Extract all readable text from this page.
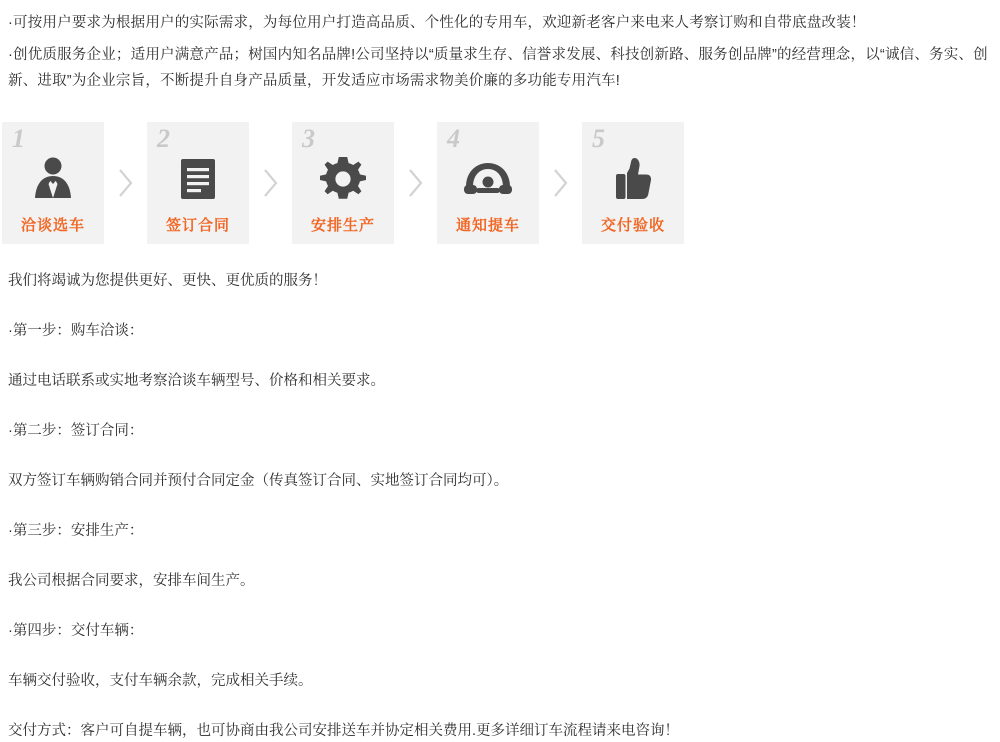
·可按用户要求为根据用户的实际需求，为每位用户打造高品质、个性化的专用车，欢迎新老客户来电来人考察订购和自带底盘改装！

·创优质服务企业；适用户满意产品；树国内知名品牌!公司坚持以“质量求生存、信誉求发展、科技创新路、服务创品牌”的经营理念，以“诚信、务实、创新、进取”为企业宗旨，不断提升自身产品质量，开发适应市场需求物美价廉的多功能专用汽车!

1
洽谈选车
2
签订合同
3
安排生产
4
通知提车
5
交付验收

我们将竭诚为您提供更好、更快、更优质的服务！

·第一步：购车洽谈：

通过电话联系或实地考察洽谈车辆型号、价格和相关要求。

·第二步：签订合同：

双方签订车辆购销合同并预付合同定金（传真签订合同、实地签订合同均可）。

·第三步：安排生产：

我公司根据合同要求，安排车间生产。

·第四步：交付车辆：

车辆交付验收，支付车辆余款，完成相关手续。

交付方式：客户可自提车辆，也可协商由我公司安排送车并协定相关费用.更多详细订车流程请来电咨询！
